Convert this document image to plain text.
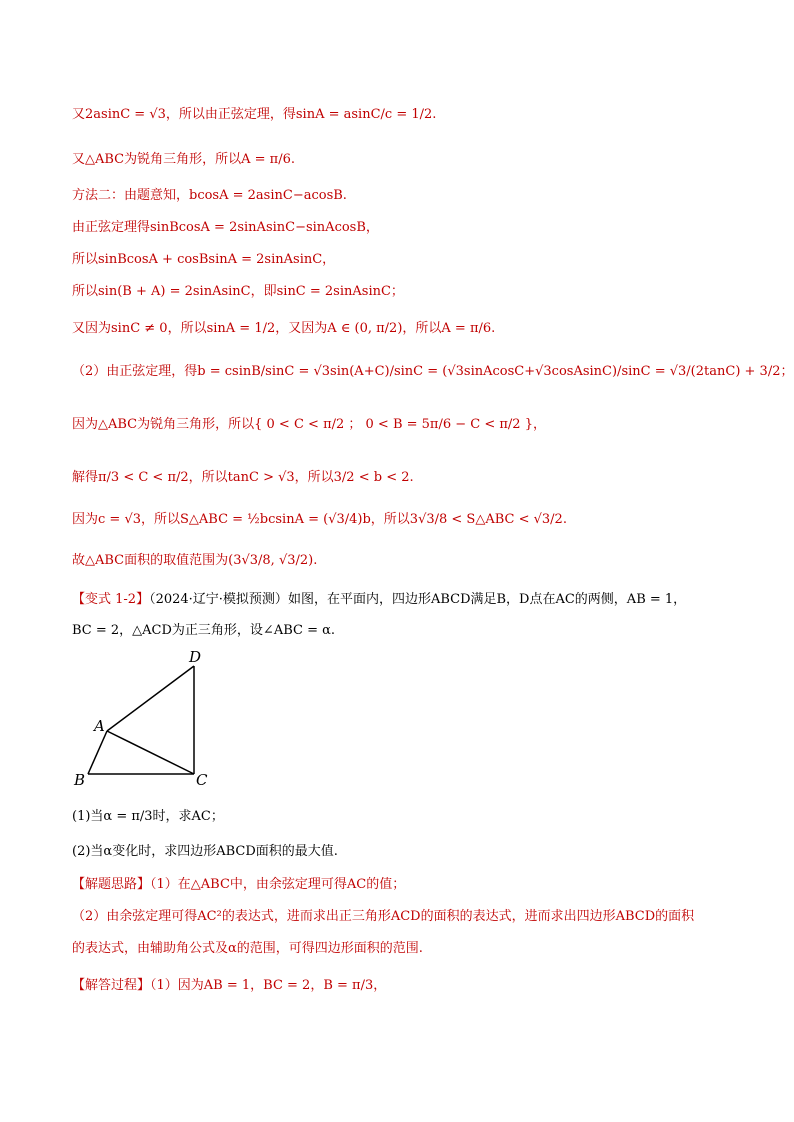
又2asinC = √3，所以由正弦定理，得sinA = asinC/c = 1/2.
又△ABC为锐角三角形，所以A = π/6.
方法二：由题意知，bcosA = 2asinC−acosB.
由正弦定理得sinBcosA = 2sinAsinC−sinAcosB，
所以sinBcosA + cosBsinA = 2sinAsinC，
所以sin(B + A) = 2sinAsinC，即sinC = 2sinAsinC；
又因为sinC ≠ 0，所以sinA = 1/2，又因为A ∈ (0, π/2)，所以A = π/6.
（2）由正弦定理，得b = csinB/sinC = √3sin(A+C)/sinC = (√3sinAcosC+√3cosAsinC)/sinC = √3/(2tanC) + 3/2；
因为△ABC为锐角三角形，所以{ 0 < C < π/2 ； 0 < B = 5π/6 − C < π/2 }，
解得π/3 < C < π/2，所以tanC > √3，所以3/2 < b < 2.
因为c = √3，所以S△ABC = ½bcsinA = (√3/4)b，所以3√3/8 < S△ABC < √3/2.
故△ABC面积的取值范围为(3√3/8, √3/2).
【变式 1-2】（2024·辽宁·模拟预测）如图，在平面内，四边形ABCD满足B，D点在AC的两侧，AB = 1，
BC = 2，△ACD为正三角形，设∠ABC = α.
D
A
B	C
(1)当α = π/3时，求AC；
(2)当α变化时，求四边形ABCD面积的最大值.
【解题思路】（1）在△ABC中，由余弦定理可得AC的值；
（2）由余弦定理可得AC²的表达式，进而求出正三角形ACD的面积的表达式，进而求出四边形ABCD的面积
的表达式，由辅助角公式及α的范围，可得四边形面积的范围.
【解答过程】（1）因为AB = 1，BC = 2，B = π/3，
